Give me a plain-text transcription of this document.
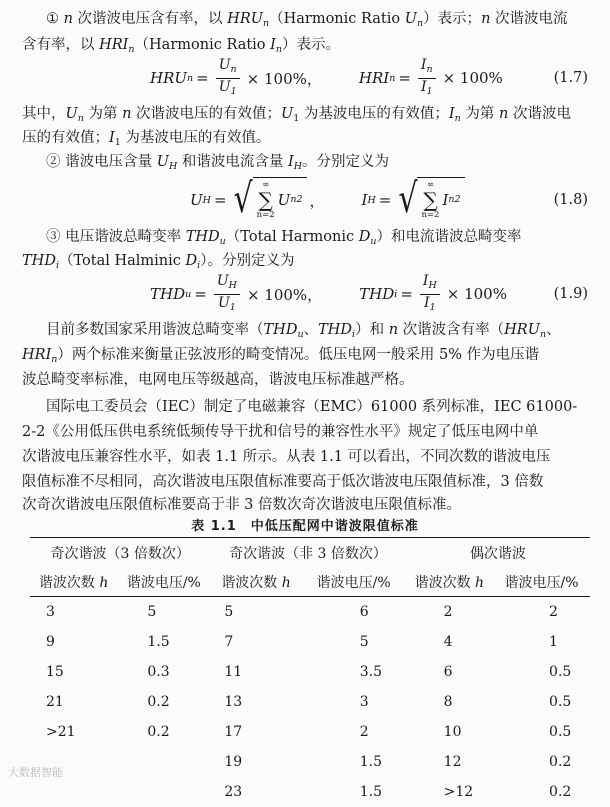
① n 次谐波电压含有率，以 $HRU_n(Harmonic$ Ratio $U_n$）表示；n 次谐波电流
含有率，以 $HRI_n(Harmonic$ Ratio $I_n$）表示。
HRU $n = \frac{U_n}{U_1} \times 100\%$， HRI $n = \frac{I_n}{I_1} \times 100\%$	(1.7)
其中，$U_n$ 为第 n 次谐波电压的有效值；$U_1$ 为基波电压的有效值；$I_n$ 为第 n 次谐波电
压的有效值；$I_1$ 为基波电压的有效值。
② 谐波电压含量 $U_H$ 和谐波电流含量 $I_H$。分别定义为
U H = √ ∞
∑
n=2
U n 2 ， I H = √ ∞
∑
n=2
I n 2	(1.8)
③ 电压谐波总畸变率 $THD_u(Total$ Harmonic $D_u$）和电流谐波总畸变率
$THD_i(Total$ Halminic $D_i$）。分别定义为
THD $u = \frac{U_H}{U_1} \times 100\%$， THD $i = \frac{I_H}{I_1} \times 100\%$	(1.9)
目前多数国家采用谐波总畸变率（$THD_u$、$THD_i$）和 n 次谐波含有率（$HRU_n$、
$HRI_n$）两个标准来衡量正弦波形的畸变情况。低压电网一般采用 5% 作为电压谐
波总畸变率标准，电网电压等级越高，谐波电压标准越严格。
国际电工委员会（IEC）制定了电磁兼容（EMC）61000 系列标准，IEC 61000-
2-2《公用低压供电系统低频传导干扰和信号的兼容性水平》规定了低压电网中单
次谐波电压兼容性水平，如表 1.1 所示。从表 1.1 可以看出，不同次数的谐波电压
限值标准不尽相同，高次谐波电压限值标准要高于低次谐波电压限值标准，3 倍数
次奇次谐波电压限值标准要高于非 3 倍数次奇次谐波电压限值标准。
表 1.1　中低压配网中谐波限值标准
奇次谐波（3 倍数次）		奇次谐波（非 3 倍数次）		偶次谐波	
谐波次数 h	谐波电压/%	谐波次数 h	谐波电压/%	谐波次数 h	谐波电压/%
3	5	5	6	2	2
9	1.5	7	5	4	1
15	0.3	11	3.5	6	0.5
21	0.2	13	3	8	0.5
>21	0.2	17	2	10	0.5
		19	1.5	12	0.2
		23	1.5	>12	0.2
大数据智能
